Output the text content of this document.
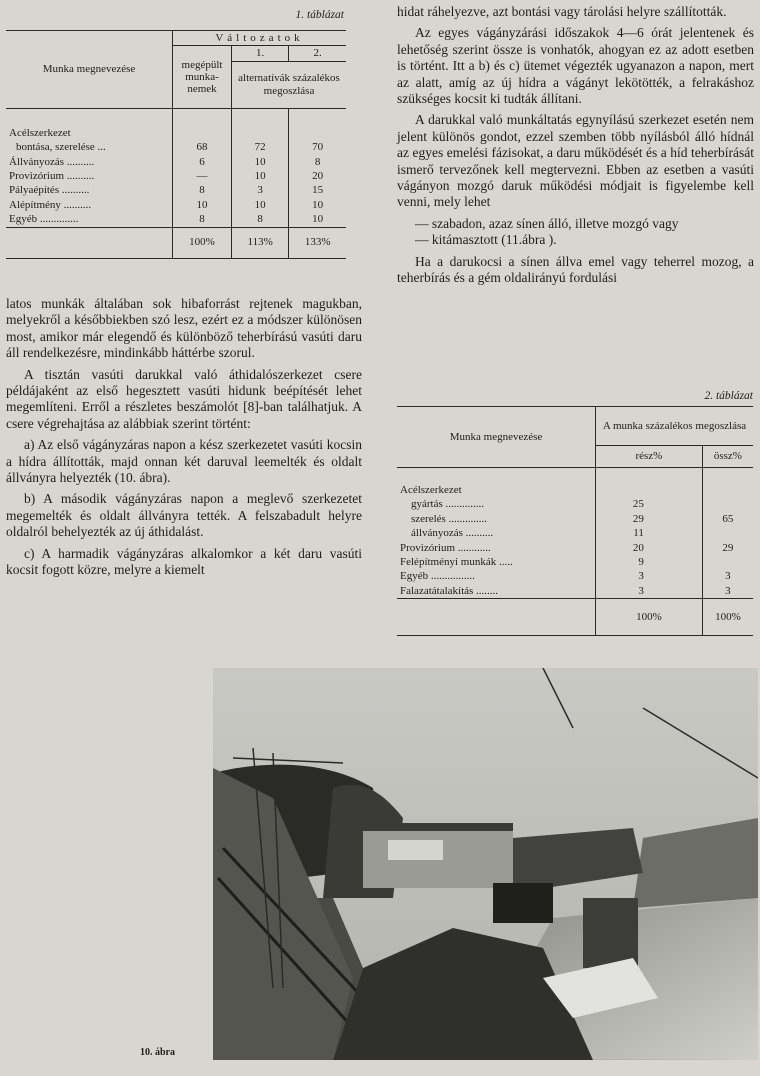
1. táblázat
Munka megnevezése	Változatok		
	megépült munka-nemek	1.	2.
		alternatívák százalékos megoszlása	
Acélszerkezet			
bontása, szerelése ...	68	72	70
Állványozás ..........	6	10	8
Provizórium ..........	—	10	20
Pályaépítés ..........	8	3	15
Alépítmény ..........	10	10	10
Egyéb ..............	8	8	10
	100%	113%	133%

latos munkák általában sok hibaforrást rejtenek magukban, melyekről a későbbiekben szó lesz, ezért ez a módszer különösen most, amikor már elegendő és különböző teherbírású vasúti daru áll rendelkezésre, mindinkább háttérbe szorul.

A tisztán vasúti darukkal való áthidalószerkezet csere példájaként az első hegesztett vasúti hidunk beépítését lehet megemlíteni. Erről a részletes beszámolót [8]-ban találhatjuk. A csere végrehajtása az alábbiak szerint történt:

a) Az első vágányzáras napon a kész szerkezetet vasúti kocsin a hídra állították, majd onnan két daruval leemelték és oldalt állványra helyezték (10. ábra).

b) A második vágányzáras napon a meglevő szerkezetet megemelték és oldalt állványra tették. A felszabadult helyre oldalról behelyezték az új áthidalást.

c) A harmadik vágányzáras alkalomkor a két daru vasúti kocsit fogott közre, melyre a kiemelt

hidat ráhelyezve, azt bontási vagy tárolási helyre szállították.

Az egyes vágányzárási időszakok 4—6 órát jelentenek és lehetőség szerint össze is vonhatók, ahogyan ez az adott esetben is történt. Itt a b) és c) ütemet végezték ugyanazon a napon, mert az alatt, amíg az új hídra a vágányt lekötötték, a felrakáshoz szükséges kocsit ki tudták állítani.

A darukkal való munkáltatás egynyílású szerkezet esetén nem jelent különös gondot, ezzel szemben több nyílásból álló hídnál az egyes emelési fázisokat, a daru működését és a híd teherbírását ismerő tervezőnek kell megtervezni. Ebben az esetben a vasúti vágányon mozgó daruk működési módjait is figyelembe kell venni, mely lehet

— szabadon, azaz sínen álló, illetve mozgó vagy

— kitámasztott (11.ábra ).

Ha a darukocsi a sínen állva emel vagy teherrel mozog, a teherbírás és a gém oldalirányú fordulási

2. táblázat
Munka megnevezése	A munka százalékos megoszlása	
	rész%	össz%
Acélszerkezet		
gyártás ..............	25	
szerelés ..............	29	65
állványozás ..........	11	
Provizórium ............	20	29
Felépítményi munkák .....	9	
Egyéb ................	3	3
Falazatátalakítás ........	3	3
	100%	100%
10. ábra
